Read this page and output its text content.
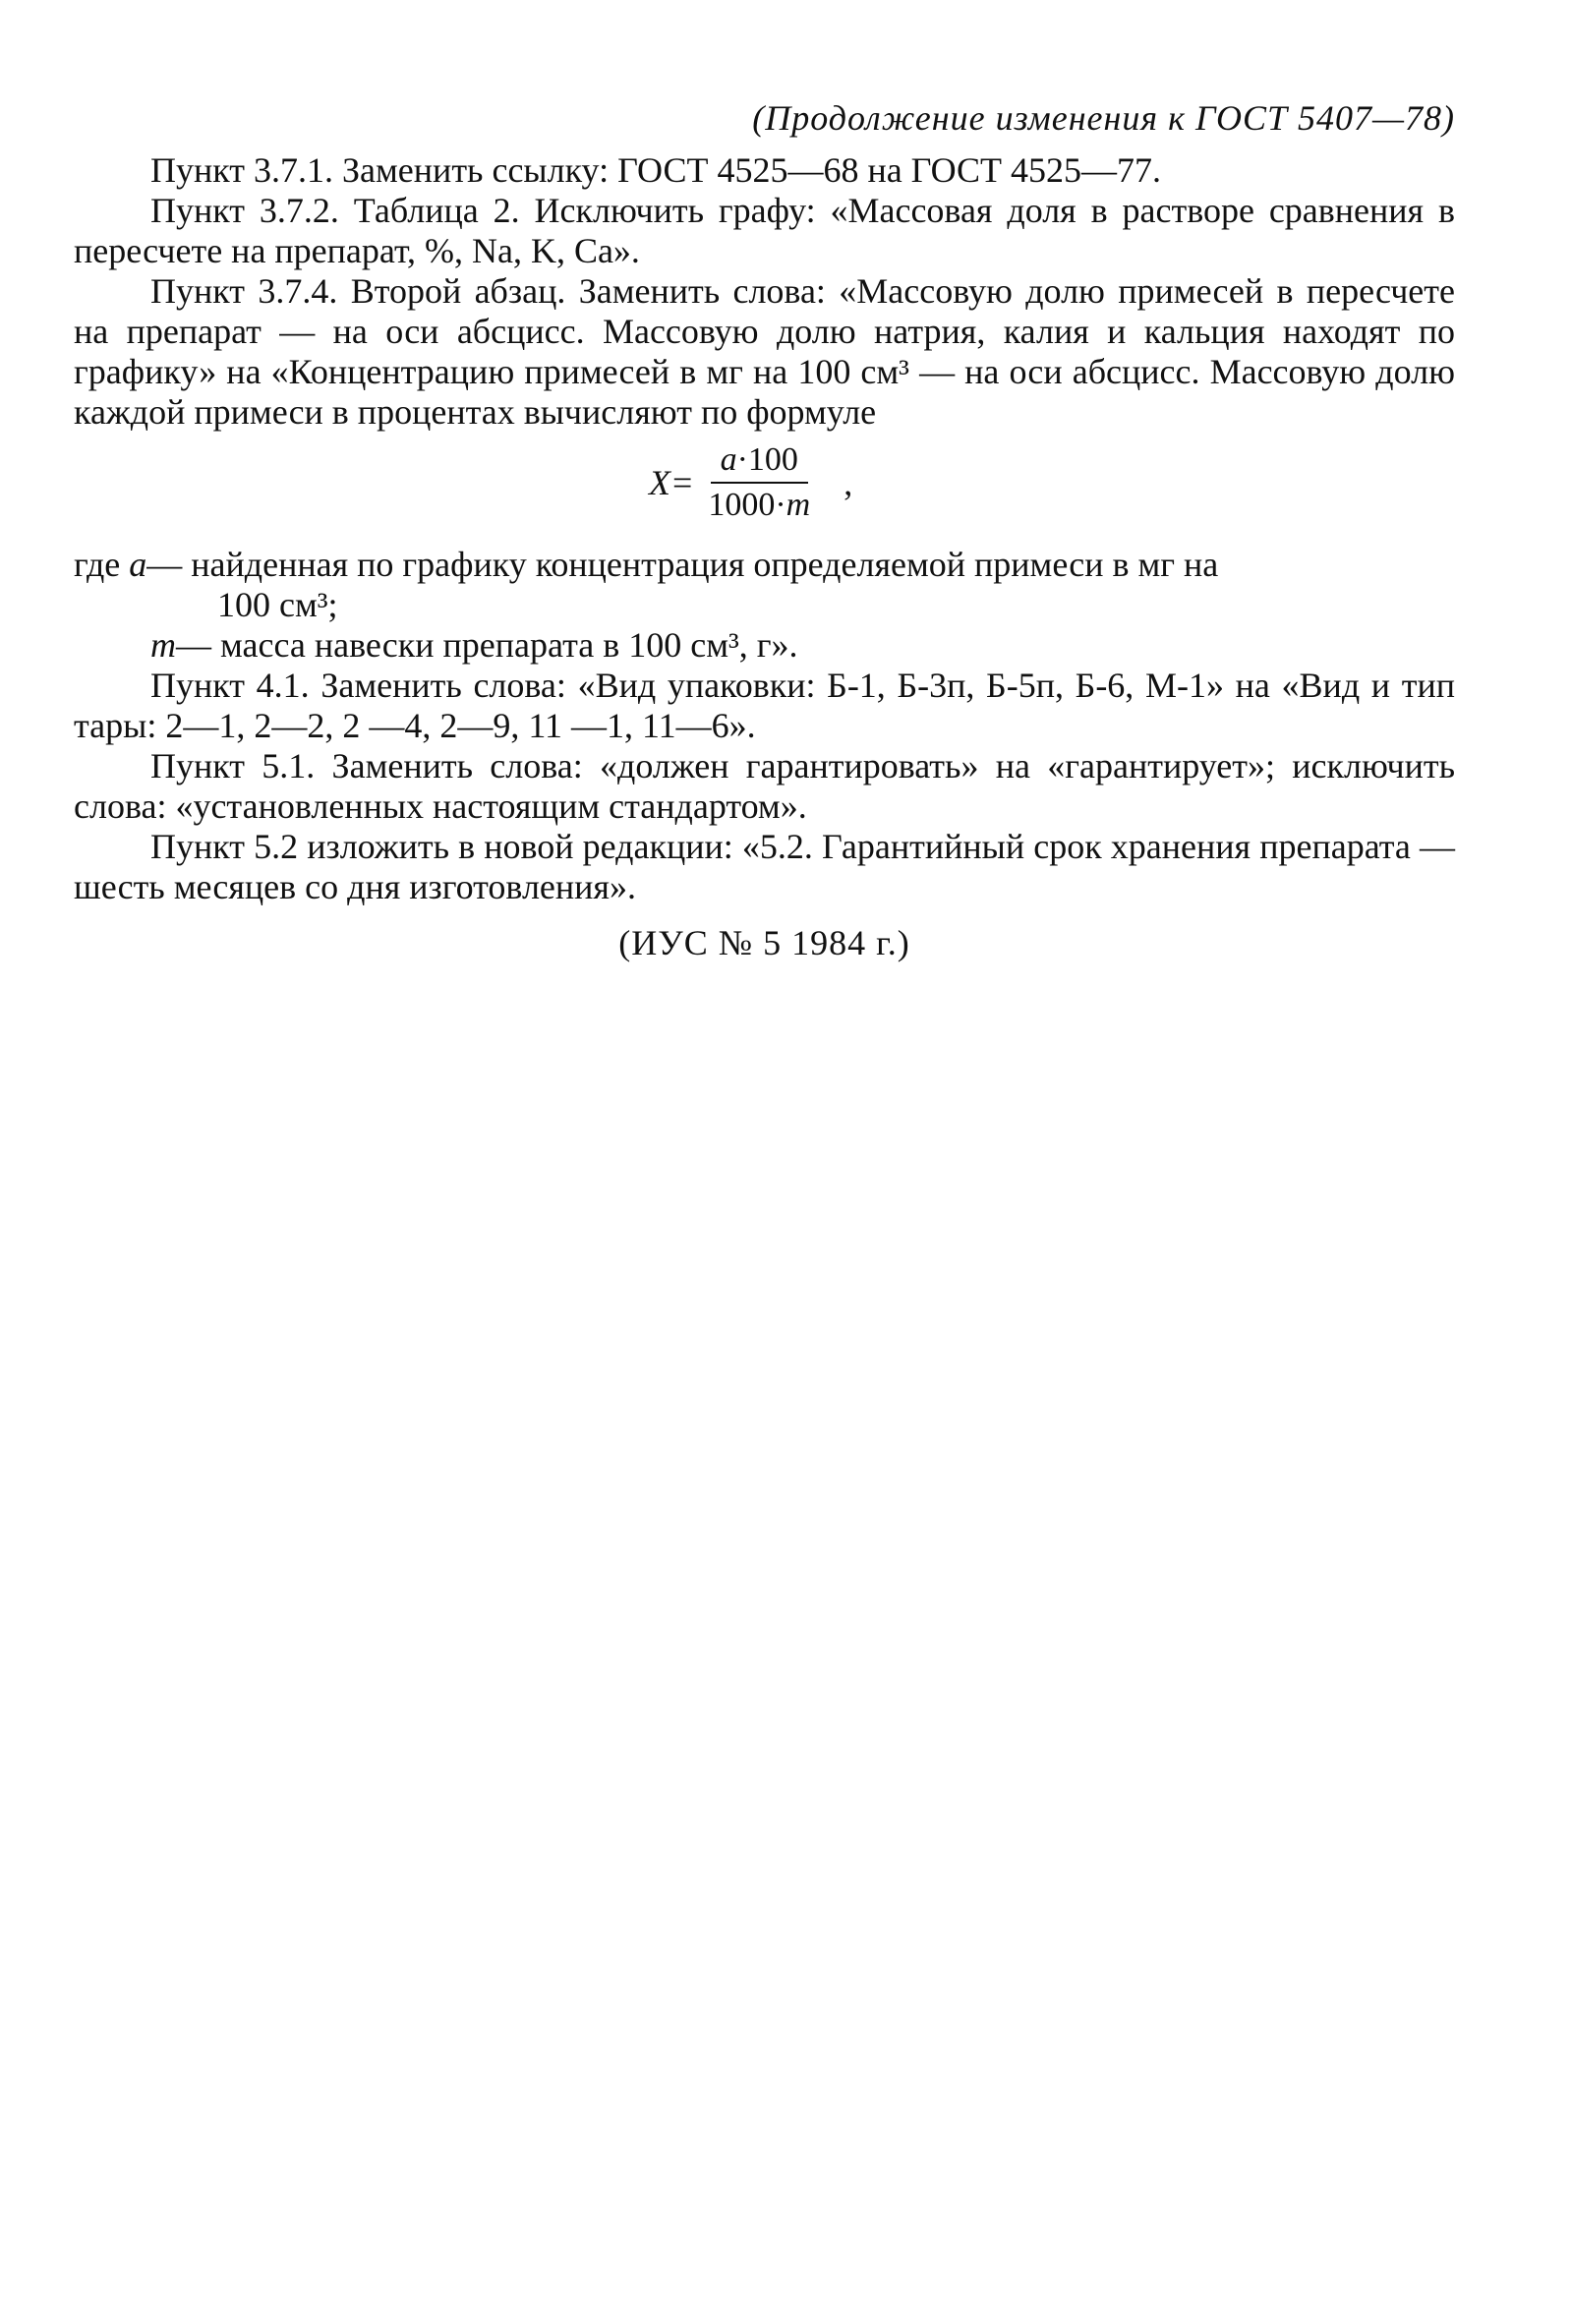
(Продолжение изменения к ГОСТ 5407—78)

Пункт 3.7.1. Заменить ссылку: ГОСТ 4525—68 на ГОСТ 4525—77.

Пункт 3.7.2. Таблица 2. Исключить графу: «Массовая доля в растворе сравнения в пересчете на препарат, %, Na, K, Ca».

Пункт 3.7.4. Второй абзац. Заменить слова: «Массовую долю примесей в пересчете на препарат — на оси абсцисс. Массовую долю натрия, калия и кальция находят по графику» на «Концентрацию примесей в мг на 100 см³ — на оси абсцисс. Массовую долю каждой примеси в процентах вычисляют по формуле

$X = \frac{a\cdot 100}{1000\cdot m}$ ,
где a— найденная по графику концентрация определяемой примеси в мг на
100 см³;
m— масса навески препарата в 100 см³, г».

Пункт 4.1. Заменить слова: «Вид упаковки: Б-1, Б-3п, Б-5п, Б-6, М-1» на «Вид и тип тары: 2—1, 2—2, 2 —4, 2—9, 11 —1, 11—6».

Пункт 5.1. Заменить слова: «должен гарантировать» на «гарантирует»; исключить слова: «установленных настоящим стандартом».

Пункт 5.2 изложить в новой редакции: «5.2. Гарантийный срок хранения препарата — шесть месяцев со дня изготовления».

(ИУС № 5 1984 г.)
